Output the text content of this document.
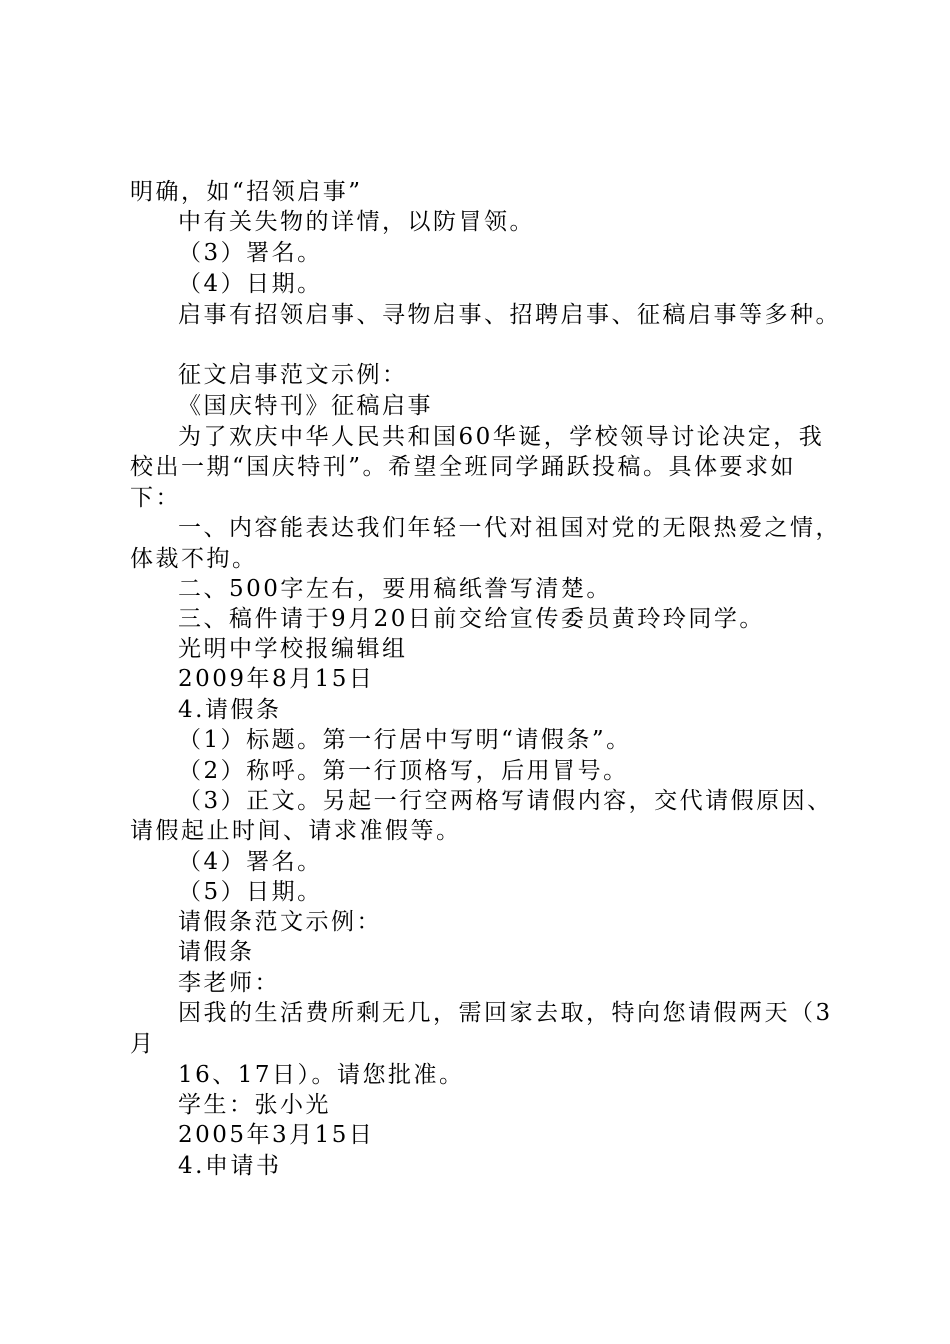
明确，如“招领启事”
中有关失物的详情，以防冒领。
（3）署名。
（4）日期。
启事有招领启事、寻物启事、招聘启事、征稿启事等多种。
征文启事范文示例：
《国庆特刊》征稿启事
为了欢庆中华人民共和国60华诞，学校领导讨论决定，我
校出一期“国庆特刊”。希望全班同学踊跃投稿。具体要求如
下：
一、内容能表达我们年轻一代对祖国对党的无限热爱之情，
体裁不拘。
二、500字左右，要用稿纸誊写清楚。
三、稿件请于9月20日前交给宣传委员黄玲玲同学。
光明中学校报编辑组
2009年8月15日
4.请假条
（1）标题。第一行居中写明“请假条”。
（2）称呼。第一行顶格写，后用冒号。
（3）正文。另起一行空两格写请假内容，交代请假原因、
请假起止时间、请求准假等。
（4）署名。
（5）日期。
请假条范文示例：
请假条
李老师：
因我的生活费所剩无几，需回家去取，特向您请假两天（3
月
16、17日）。请您批准。
学生：张小光
2005年3月15日
4.申请书
